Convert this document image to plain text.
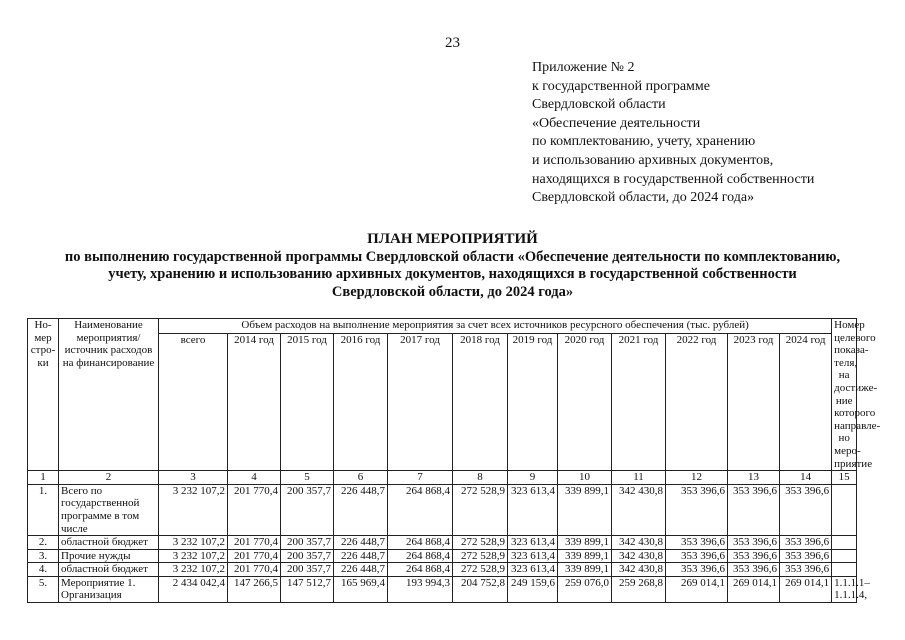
23
Приложение № 2
к государственной программе
Свердловской области
«Обеспечение деятельности
по комплектованию, учету, хранению
и использованию архивных документов,
находящихся в государственной собственности
Свердловской области, до 2024 года»
ПЛАН МЕРОПРИЯТИЙ
по выполнению государственной программы Свердловской области «Обеспечение деятельности по комплектованию,
учету, хранению и использованию архивных документов, находящихся в государственной собственности
Свердловской области, до 2024 года»
Но-мер стро-ки	Наименование мероприятия/ источник расходов на финансирование	Объем расходов на выполнение мероприятия за счет всех источников ресурсного обеспечения (тыс. рублей)												Номер целевого показа-теля, на достиже-ние которого направле-но меро-приятие
		всего	2014 год	2015 год	2016 год	2017 год	2018 год	2019 год	2020 год	2021 год	2022 год	2023 год	2024 год	
1	2	3	4	5	6	7	8	9	10	11	12	13	14	15
1.	Всего по государственной программе в том числе	3 232 107,2	201 770,4	200 357,7	226 448,7	264 868,4	272 528,9	323 613,4	339 899,1	342 430,8	353 396,6	353 396,6	353 396,6	
2.	областной бюджет	3 232 107,2	201 770,4	200 357,7	226 448,7	264 868,4	272 528,9	323 613,4	339 899,1	342 430,8	353 396,6	353 396,6	353 396,6	
3.	Прочие нужды	3 232 107,2	201 770,4	200 357,7	226 448,7	264 868,4	272 528,9	323 613,4	339 899,1	342 430,8	353 396,6	353 396,6	353 396,6	
4.	областной бюджет	3 232 107,2	201 770,4	200 357,7	226 448,7	264 868,4	272 528,9	323 613,4	339 899,1	342 430,8	353 396,6	353 396,6	353 396,6	
5.	Мероприятие 1. Организация	2 434 042,4	147 266,5	147 512,7	165 969,4	193 994,3	204 752,8	249 159,6	259 076,0	259 268,8	269 014,1	269 014,1	269 014,1	1.1.1.1– 1.1.1.4,
